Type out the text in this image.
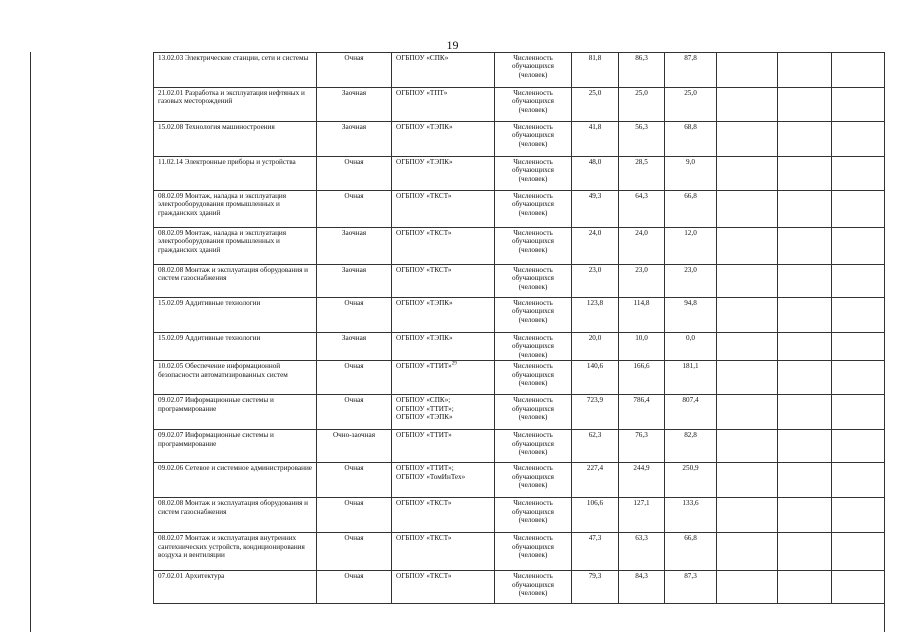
19
13.02.03 Электрические станции, сети и системы	Очная	ОГБПОУ «СПК»	Численность обучающихся (человек)	81,8	86,3	87,8			
21.02.01 Разработка и эксплуатация нефтяных и газовых месторождений	Заочная	ОГБПОУ «ТПТ»	Численность обучающихся (человек)	25,0	25,0	25,0			
15.02.08 Технология машиностроения	Заочная	ОГБПОУ «ТЭПК»	Численность обучающихся (человек)	41,8	56,3	68,8			
11.02.14 Электронные приборы и устройства	Очная	ОГБПОУ «ТЭПК»	Численность обучающихся (человек)	48,0	28,5	9,0			
08.02.09 Монтаж, наладка и эксплуатация электрооборудования промышленных и гражданских зданий	Очная	ОГБПОУ «ТКСТ»	Численность обучающихся (человек)	49,3	64,3	66,8			
08.02.09 Монтаж, наладка и эксплуатация электрооборудования промышленных и гражданских зданий	Заочная	ОГБПОУ «ТКСТ»	Численность обучающихся (человек)	24,0	24,0	12,0			
08.02.08 Монтаж и эксплуатация оборудования и систем газоснабжения	Заочная	ОГБПОУ «ТКСТ»	Численность обучающихся (человек)	23,0	23,0	23,0			
15.02.09 Аддитивные технологии	Очная	ОГБПОУ «ТЭПК»	Численность обучающихся (человек)	123,8	114,8	94,8			
15.02.09 Аддитивные технологии	Заочная	ОГБПОУ «ТЭПК»	Численность обучающихся (человек)	20,0	10,0	0,0			
10.02.05 Обеспечение информационной безопасности автоматизированных систем	Очная	ОГБПОУ «ТТИТ»$^{29}$	Численность обучающихся (человек)	140,6	166,6	181,1			
09.02.07 Информационные системы и программирование	Очная	ОГБПОУ «СПК»;
ОГБПОУ «ТТИТ»;
ОГБПОУ «ТЭПК»	Численность обучающихся (человек)	723,9	786,4	807,4			
09.02.07 Информационные системы и программирование	Очно-заочная	ОГБПОУ «ТТИТ»	Численность обучающихся (человек)	62,3	76,3	82,8			
09.02.06 Сетевое и системное администрирование	Очная	ОГБПОУ «ТТИТ»;
ОГБПОУ «ТомИнТех»	Численность обучающихся (человек)	227,4	244,9	250,9			
08.02.08 Монтаж и эксплуатация оборудования и систем газоснабжения	Очная	ОГБПОУ «ТКСТ»	Численность обучающихся (человек)	106,6	127,1	133,6			
08.02.07 Монтаж и эксплуатация внутренних сантехнических устройств, кондиционирования воздуха и вентиляции	Очная	ОГБПОУ «ТКСТ»	Численность обучающихся (человек)	47,3	63,3	66,8			
07.02.01 Архитектура	Очная	ОГБПОУ «ТКСТ»	Численность обучающихся (человек)	79,3	84,3	87,3			
